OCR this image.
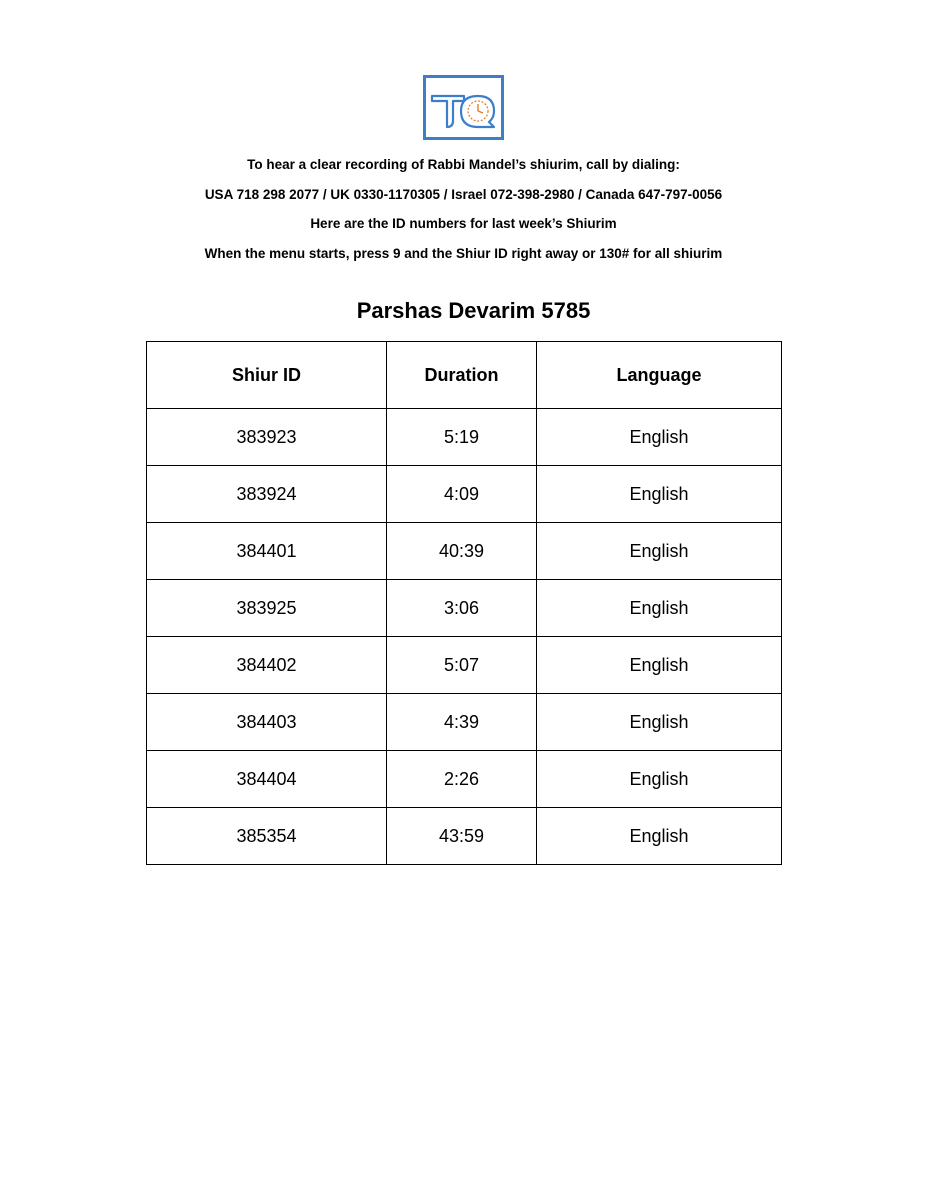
To hear a clear recording of Rabbi Mandel’s shiurim, call by dialing:
USA 718 298 2077 / UK 0330-1170305 / Israel 072-398-2980 / Canada 647-797-0056
Here are the ID numbers for last week’s Shiurim
When the menu starts, press 9 and the Shiur ID right away or 130# for all shiurim
Parshas Devarim 5785
Shiur ID	Duration	Language
383923	5:19	English
383924	4:09	English
384401	40:39	English
383925	3:06	English
384402	5:07	English
384403	4:39	English
384404	2:26	English
385354	43:59	English
